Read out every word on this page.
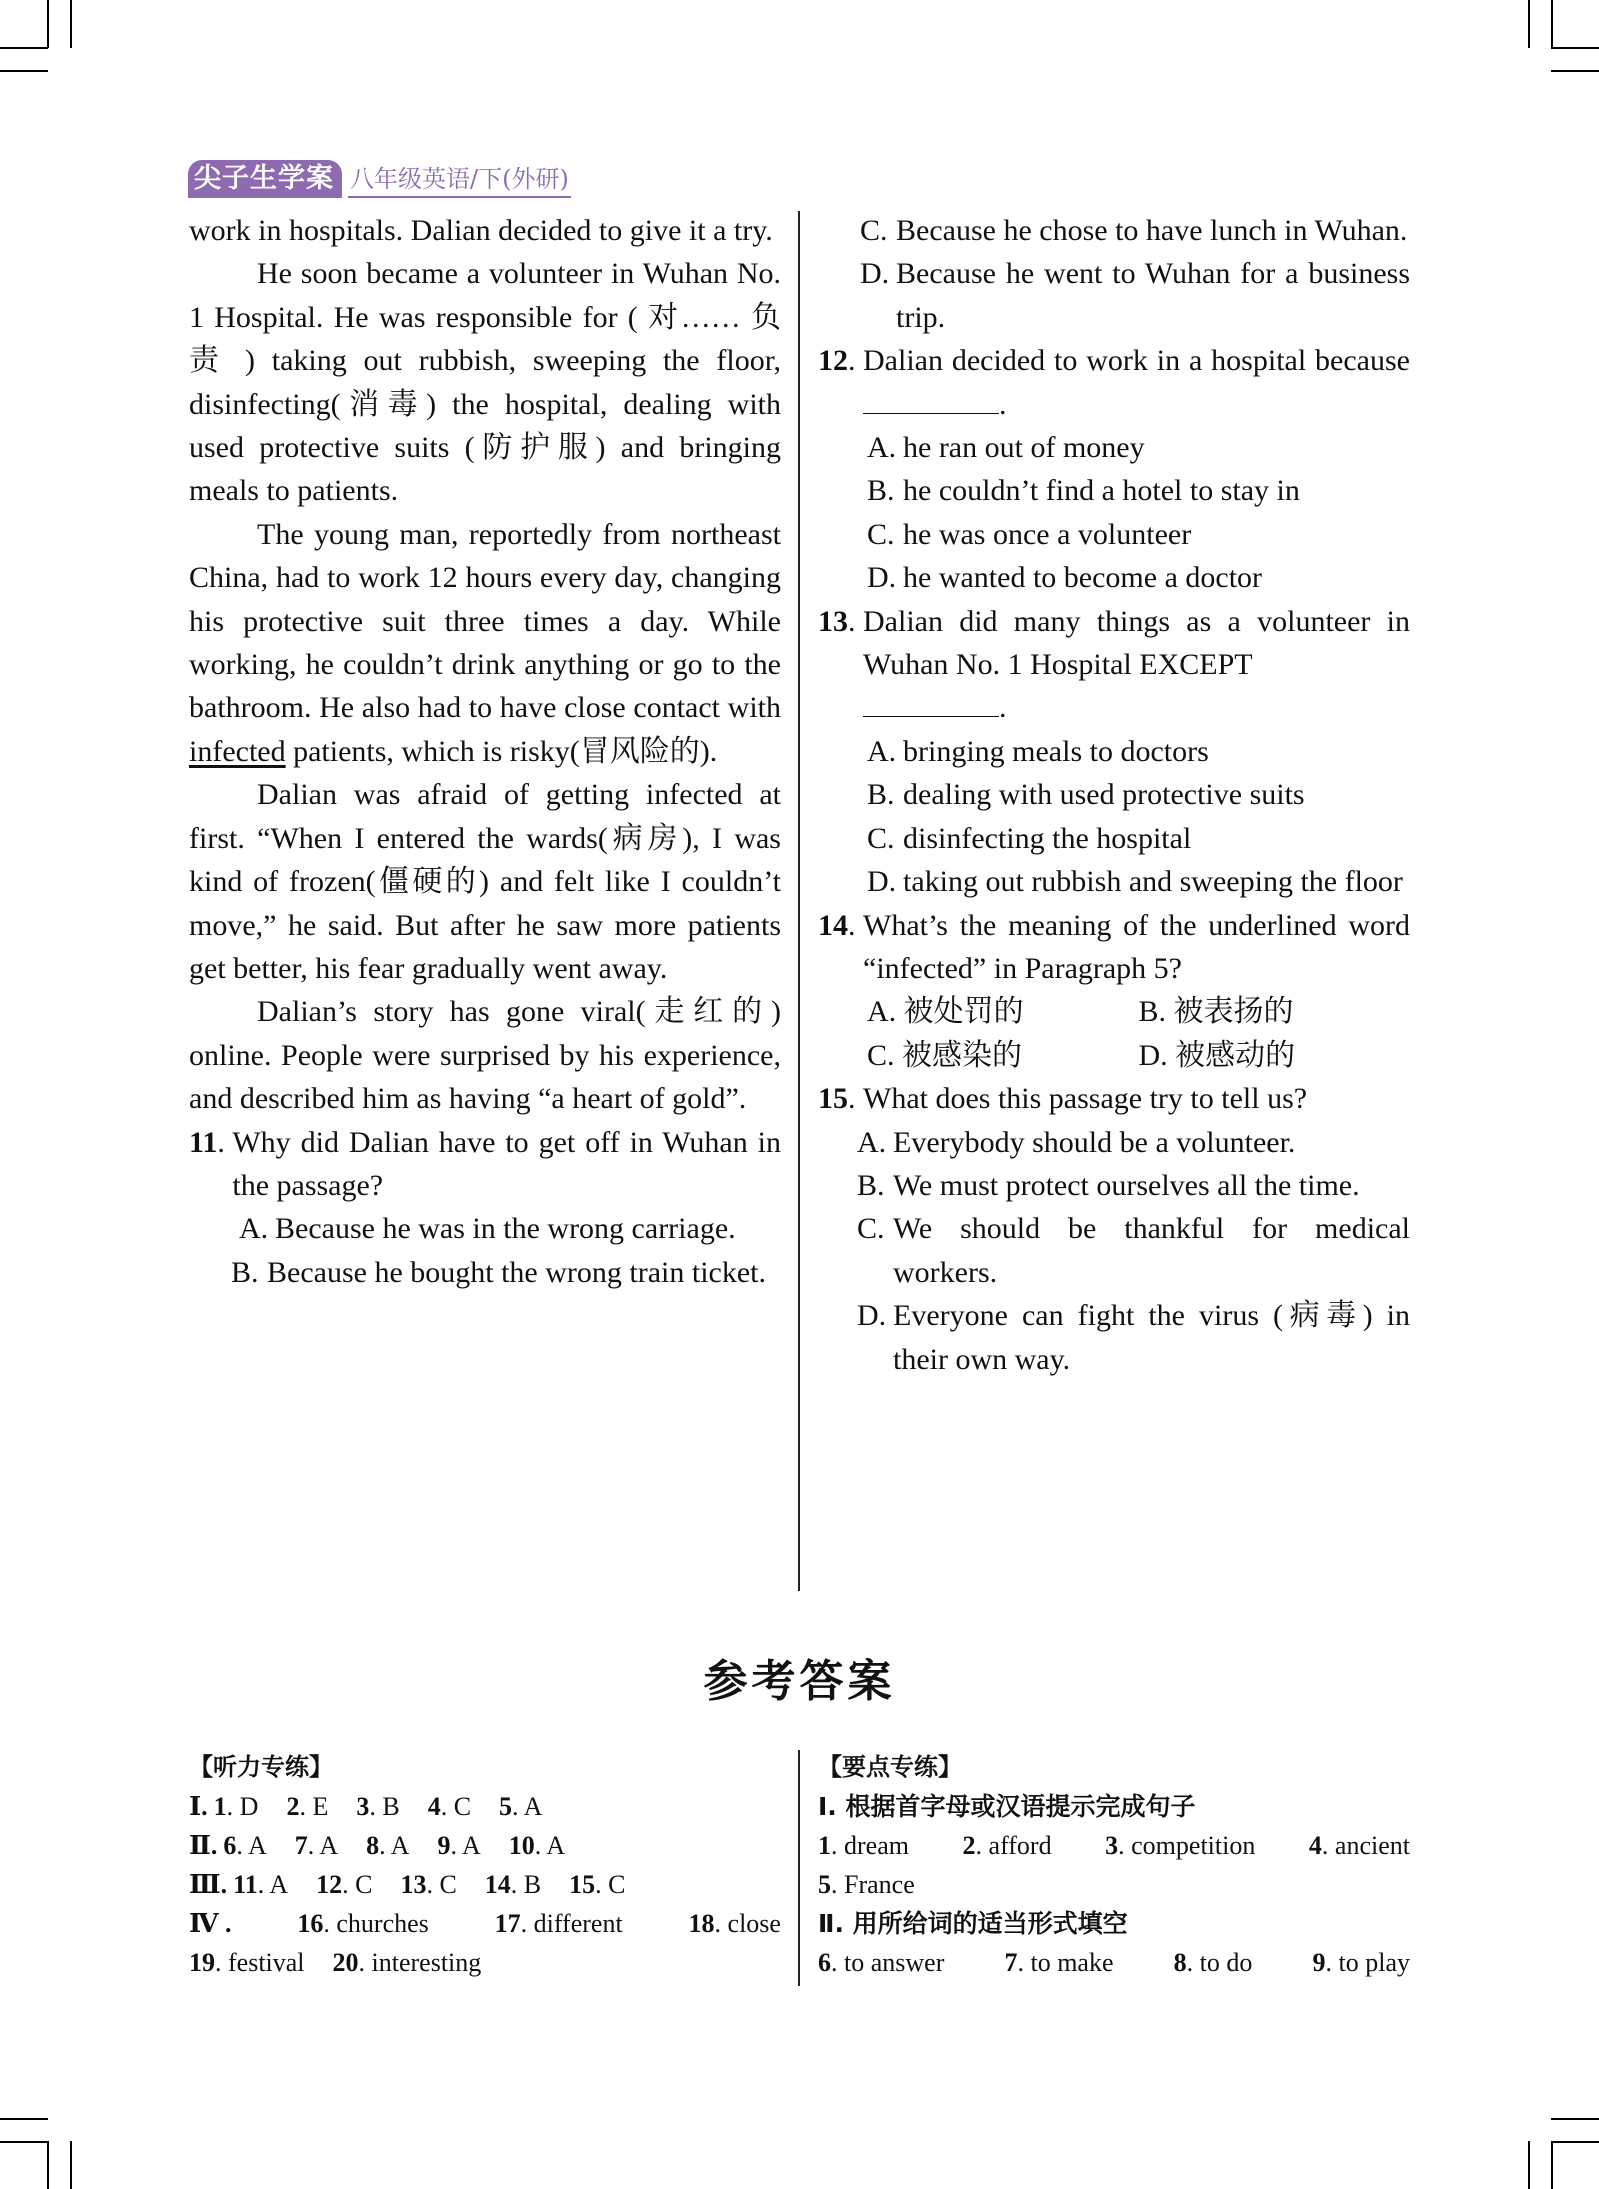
尖子生学案 八年级英语/下(外研)

work in hospitals. Dalian decided to give it a try.

He soon became a volunteer in Wuhan No. 1 Hospital. He was responsible for ( 对…… 负 责 ) taking out rubbish, sweeping the floor, disinfecting(消毒) the hospital, dealing with used protective suits (防护服) and bringing meals to patients.

The young man, reportedly from northeast China, had to work 12 hours every day, changing his protective suit three times a day. While working, he couldn’t drink anything or go to the bathroom. He also had to have close contact with infected patients, which is risky(冒风险的).

Dalian was afraid of getting infected at first. “When I entered the wards(病房), I was kind of frozen(僵硬的) and felt like I couldn’t move,” he said. But after he saw more patients get better, his fear gradually went away.

Dalian’s story has gone viral(走红的) online. People were surprised by his experience, and described him as having “a heart of gold”.

11 . Why did Dalian have to get off in Wuhan in the passage?
A. Because he was in the wrong carriage.
B. Because he bought the wrong train ticket.
C. Because he chose to have lunch in Wuhan.
D. Because he went to Wuhan for a business trip.
12 . Dalian decided to work in a hospital because .
A. he ran out of money
B. he couldn’t find a hotel to stay in
C. he was once a volunteer
D. he wanted to become a doctor
13 . Dalian did many things as a volunteer in Wuhan No. 1 Hospital EXCEPT
.
A. bringing meals to doctors
B. dealing with used protective suits
C. disinfecting the hospital
D. taking out rubbish and sweeping the floor
14 . What’s the meaning of the underlined word “infected” in Paragraph 5?
A. 被处罚的	B. 被表扬的
C. 被感染的	D. 被感动的
15 . What does this passage try to tell us?
A. Everybody should be a volunteer.
B. We must protect ourselves all the time.
C. We should be thankful for medical workers.
D. Everyone can fight the virus (病毒) in their own way.
参考答案
【听力专练】
Ⅰ. 1. D 2. E 3. B 4. C 5. A
Ⅱ. 6. A 7. A 8. A 9. A 10. A
Ⅲ. 11. A 12. C 13. C 14. B 15. C
Ⅳ .	16. churches	17. different	18. close
19. festival 20. interesting
【要点专练】
Ⅰ. 根据首字母或汉语提示完成句子
1. dream 2. afford 3. competition 4. ancient
5. France
Ⅱ. 用所给词的适当形式填空
6. to answer 7. to make 8. to do 9. to play
